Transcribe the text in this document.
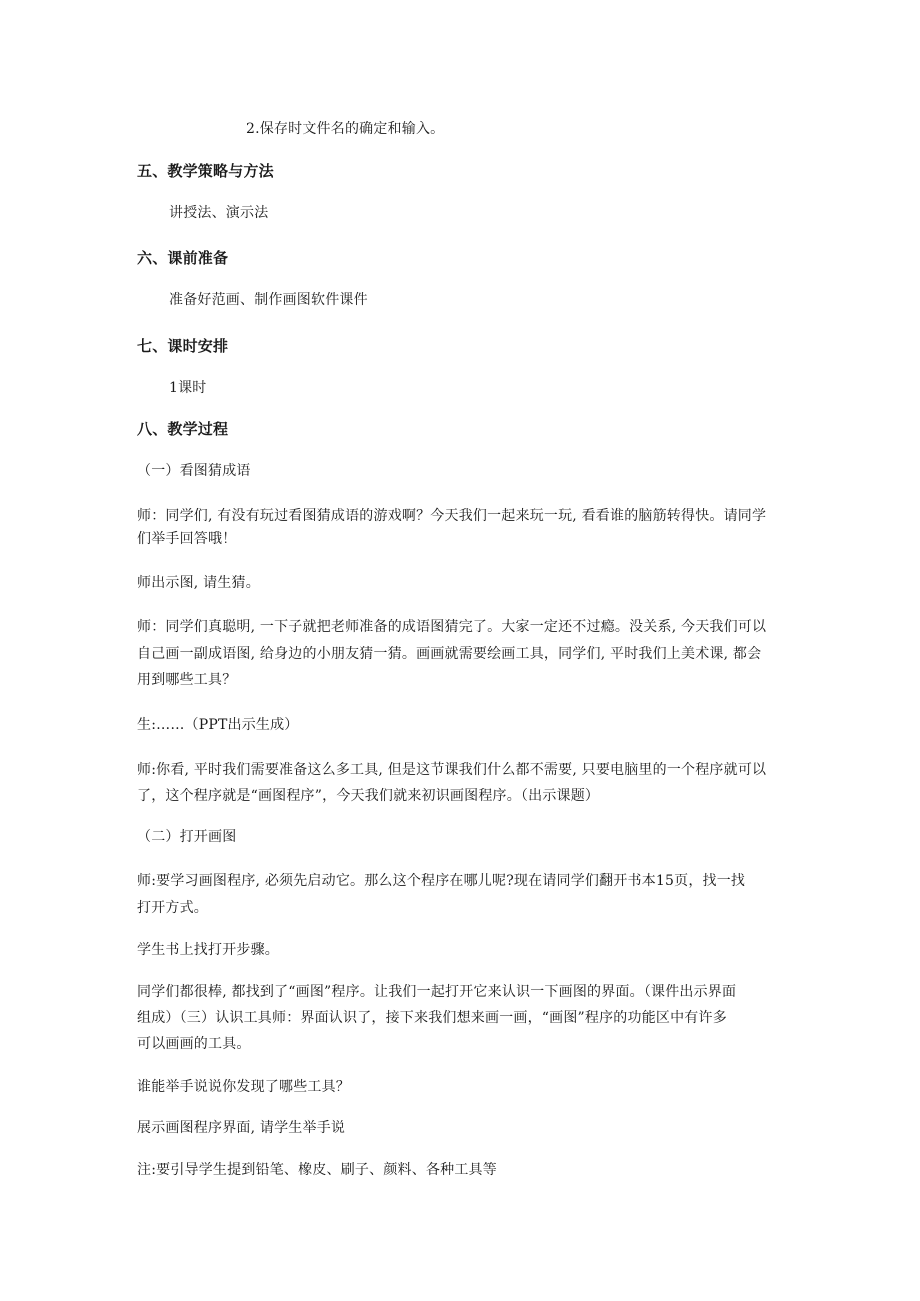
2.保存时文件名的确定和输入。
五、教学策略与方法
讲授法、演示法
六、课前准备
准备好范画、制作画图软件课件
七、课时安排
1课时
八、教学过程
（一）看图猜成语
师：同学们, 有没有玩过看图猜成语的游戏啊？今天我们一起来玩一玩, 看看谁的脑筋转得快。请同学
们举手回答哦！
师出示图, 请生猜。
师：同学们真聪明, 一下子就把老师准备的成语图猜完了。大家一定还不过瘾。没关系, 今天我们可以
自己画一副成语图, 给身边的小朋友猜一猜。画画就需要绘画工具，同学们, 平时我们上美术课, 都会
用到哪些工具？
生:……（PPT出示生成）
师:你看, 平时我们需要准备这么多工具, 但是这节课我们什么都不需要, 只要电脑里的一个程序就可以
了，这个程序就是“画图程序”，今天我们就来初识画图程序。（出示课题）
（二）打开画图
师:要学习画图程序, 必须先启动它。那么这个程序在哪儿呢?现在请同学们翻开书本15页，找一找
打开方式。
学生书上找打开步骤。
同学们都很棒, 都找到了“画图”程序。让我们一起打开它来认识一下画图的界面。（课件出示界面
组成）（三）认识工具师：界面认识了，接下来我们想来画一画，“画图”程序的功能区中有许多
可以画画的工具。
谁能举手说说你发现了哪些工具？
展示画图程序界面, 请学生举手说
注:要引导学生提到铅笔、橡皮、刷子、颜料、各种工具等
